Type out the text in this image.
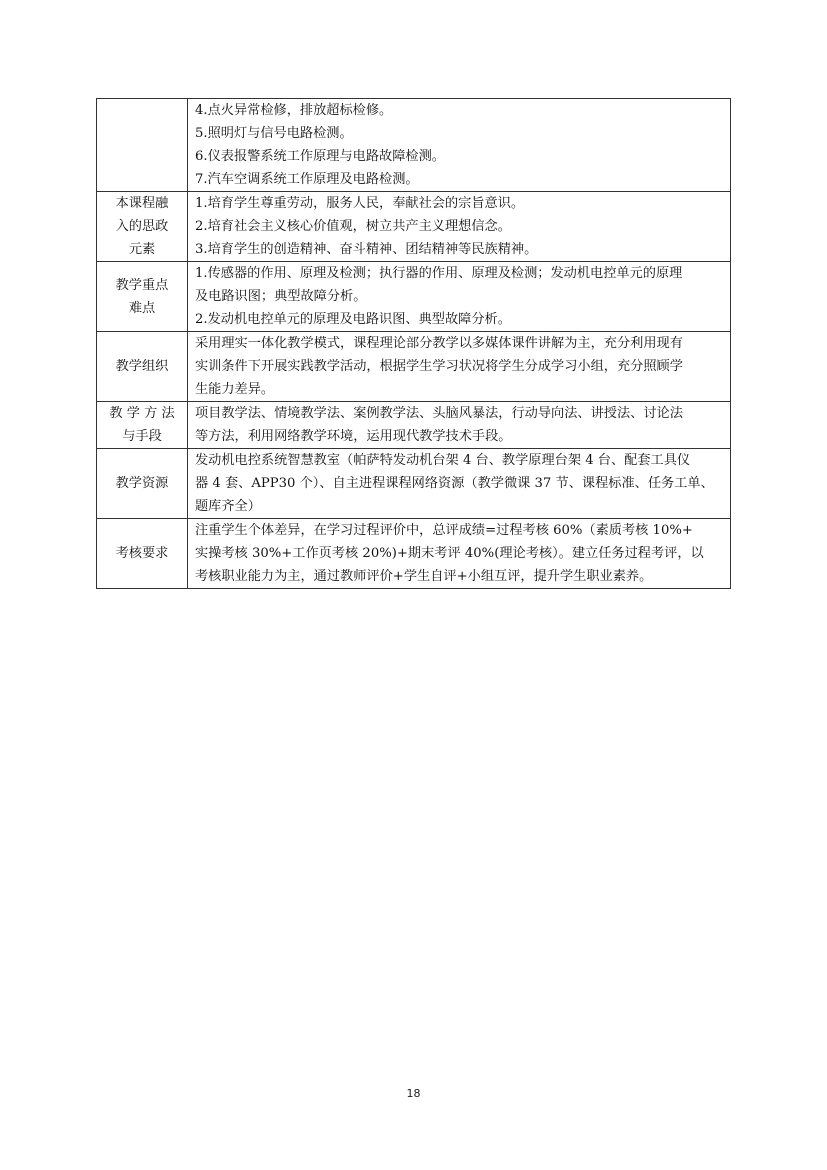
	4.点火异常检修，排放超标检修。
5.照明灯与信号电路检测。
6.仪表报警系统工作原理与电路故障检测。
7.汽车空调系统工作原理及电路检测。

本课程融
入的思政
元素	1.培育学生尊重劳动，服务人民，奉献社会的宗旨意识。
2.培育社会主义核心价值观，树立共产主义理想信念。
3.培育学生的创造精神、奋斗精神、团结精神等民族精神。

教学重点
难点	1.传感器的作用、原理及检测；执行器的作用、原理及检测；发动机电控单元的原理
及电路识图；典型故障分析。
2.发动机电控单元的原理及电路识图、典型故障分析。

教学组织	采用理实一体化教学模式，课程理论部分教学以多媒体课件讲解为主，充分利用现有
实训条件下开展实践教学活动，根据学生学习状况将学生分成学习小组，充分照顾学
生能力差异。

教 学 方 法
与手段	项目教学法、情境教学法、案例教学法、头脑风暴法，行动导向法、讲授法、讨论法
等方法，利用网络教学环境，运用现代教学技术手段。

教学资源	发动机电控系统智慧教室（帕萨特发动机台架 4 台、教学原理台架 4 台、配套工具仪
器 4 套、APP30 个）、自主进程课程网络资源（教学微课 37 节、课程标准、任务工单、
题库齐全）

考核要求	注重学生个体差异，在学习过程评价中，总评成绩=过程考核 60%（素质考核 10%+
实操考核 30%+工作页考核 20%)+期末考评 40%(理论考核）。建立任务过程考评，以
考核职业能力为主，通过教师评价+学生自评+小组互评，提升学生职业素养。
18
